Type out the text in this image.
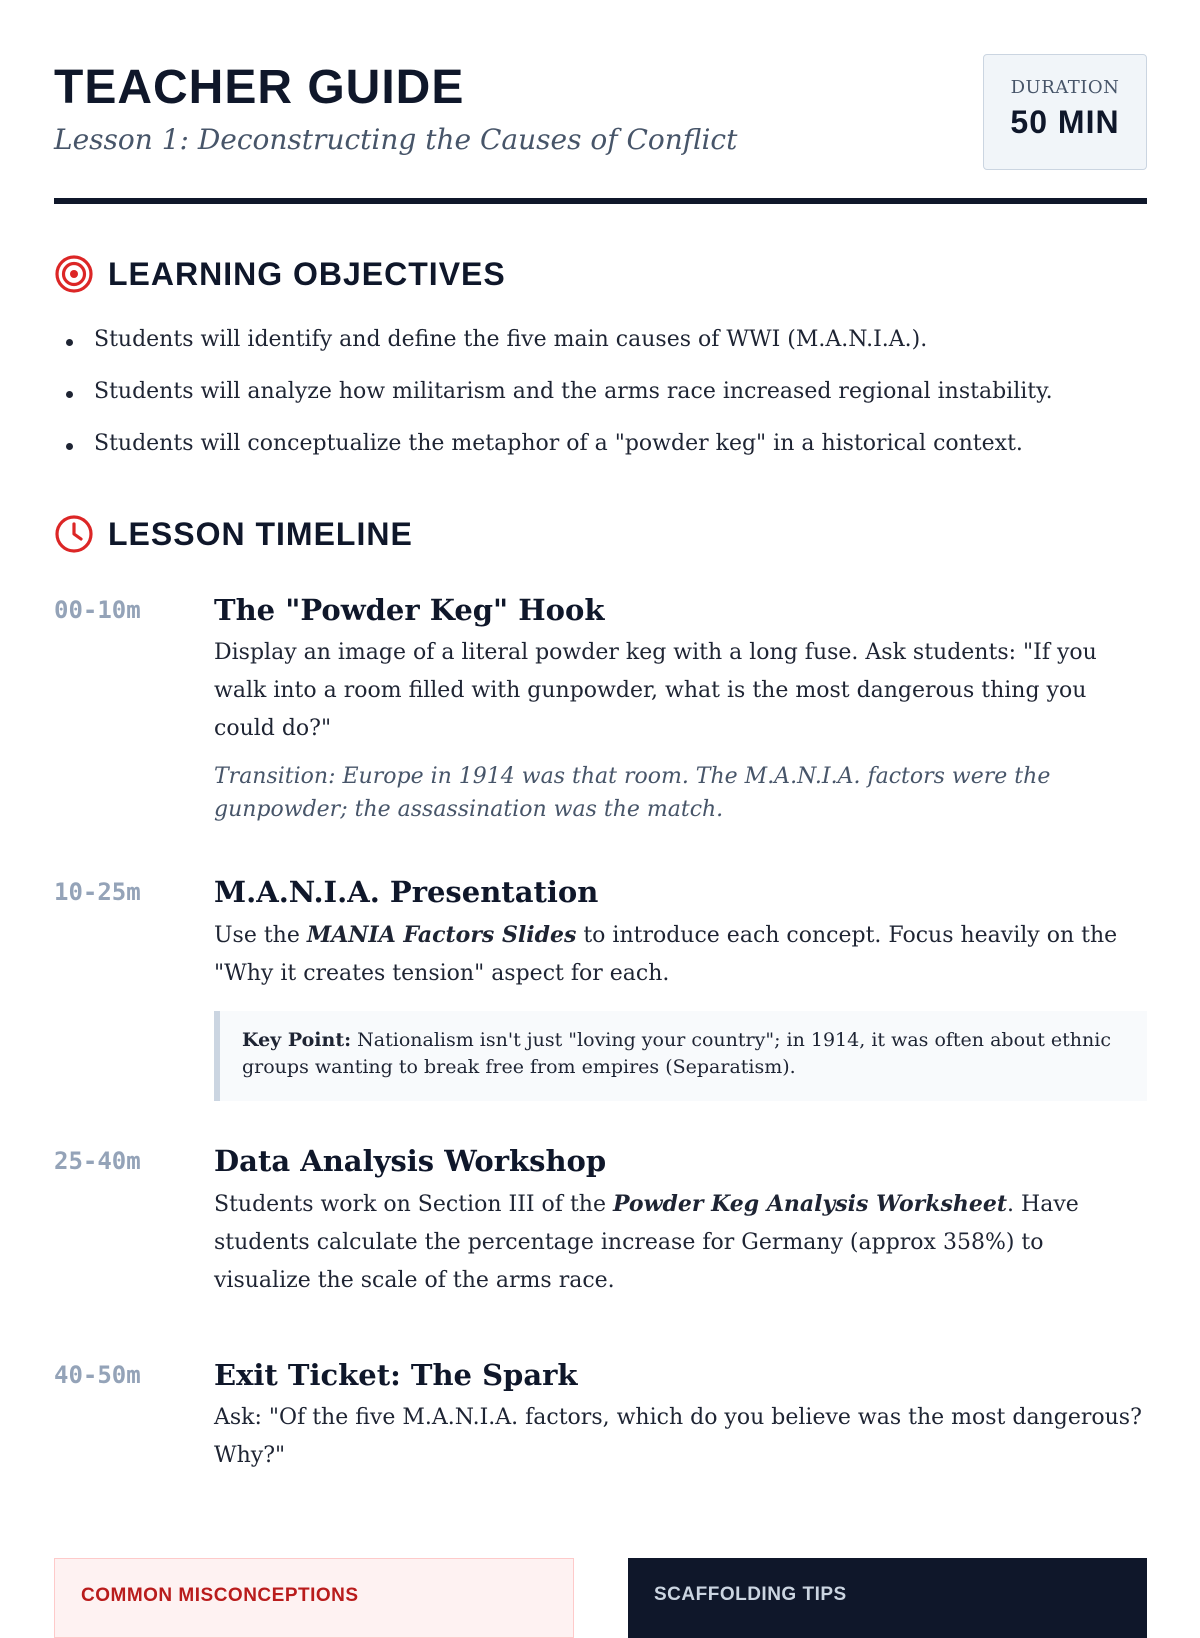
TEACHER GUIDE

Lesson 1: Deconstructing the Causes of Conflict

DURATION
50 MIN
LEARNING OBJECTIVES
Students will identify and define the five main causes of WWI (M.A.N.I.A.).
Students will analyze how militarism and the arms race increased regional instability.
Students will conceptualize the metaphor of a "powder keg" in a historical context.
LESSON TIMELINE
00-10m	The "Powder Keg" Hook

Display an image of a literal powder keg with a long fuse. Ask students: "If you walk into a room filled with gunpowder, what is the most dangerous thing you could do?"

Transition: Europe in 1914 was that room. The M.A.N.I.A. factors were the gunpowder; the assassination was the match.

10-25m	M.A.N.I.A. Presentation

Use the MANIA Factors Slides to introduce each concept. Focus heavily on the "Why it creates tension" aspect for each.

Key Point: Nationalism isn't just "loving your country"; in 1914, it was often about ethnic groups wanting to break free from empires (Separatism).
25-40m	Data Analysis Workshop

Students work on Section III of the Powder Keg Analysis Worksheet. Have students calculate the percentage increase for Germany (approx 358%) to visualize the scale of the arms race.

40-50m	Exit Ticket: The Spark

Ask: "Of the five M.A.N.I.A. factors, which do you believe was the most dangerous? Why?"

COMMON MISCONCEPTIONS	SCAFFOLDING TIPS
